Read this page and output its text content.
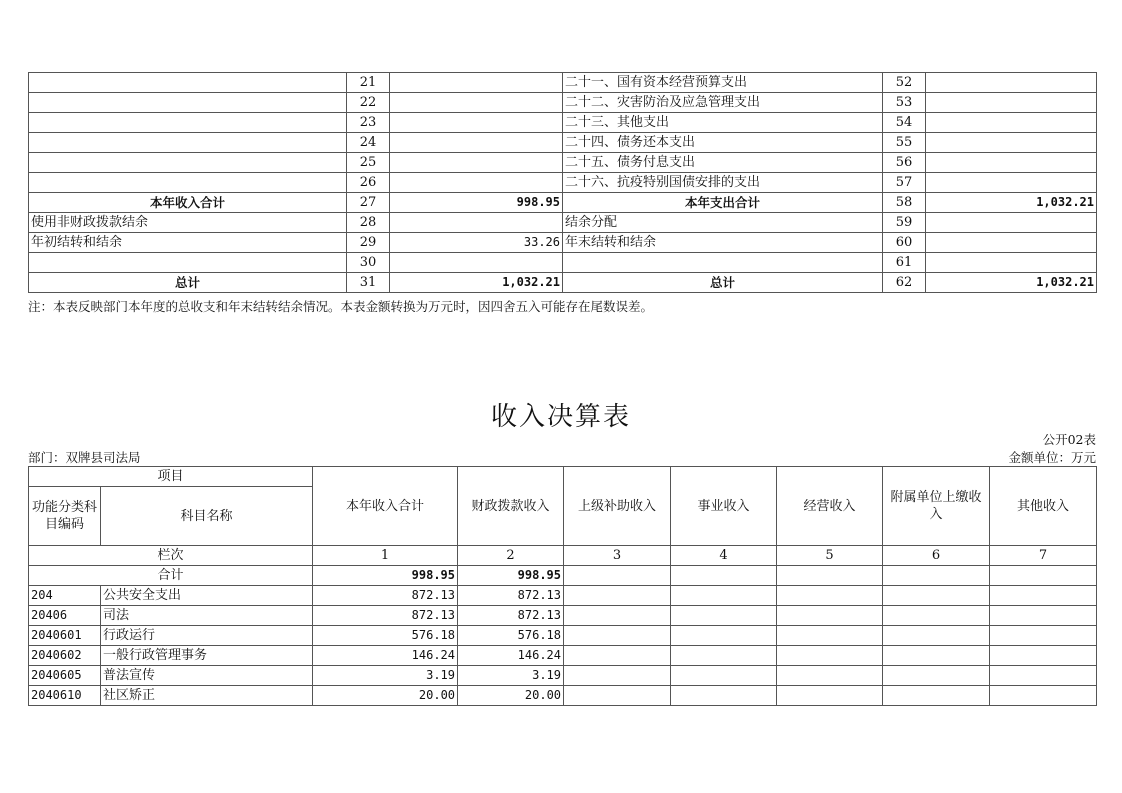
	21		二十一、国有资本经营预算支出	52	
	22		二十二、灾害防治及应急管理支出	53	
	23		二十三、其他支出	54	
	24		二十四、债务还本支出	55	
	25		二十五、债务付息支出	56	
	26		二十六、抗疫特别国债安排的支出	57	
本年收入合计	27	998.95	本年支出合计	58	1,032.21
使用非财政拨款结余	28		结余分配	59	
年初结转和结余	29	33.26	年末结转和结余	60	
	30			61	
总计	31	1,032.21	总计	62	1,032.21
注：本表反映部门本年度的总收支和年末结转结余情况。本表金额转换为万元时，因四舍五入可能存在尾数误差。
收入决算表
公开02表
部门：双牌县司法局	金额单位：万元
项目		本年收入合计	财政拨款收入	上级补助收入	事业收入	经营收入	附属单位上缴收入	其他收入
功能分类科目编码	科目名称							
栏次		1	2	3	4	5	6	7
合计		998.95	998.95					
204	公共安全支出	872.13	872.13					
20406	司法	872.13	872.13					
2040601	行政运行	576.18	576.18					
2040602	一般行政管理事务	146.24	146.24					
2040605	普法宣传	3.19	3.19					
2040610	社区矫正	20.00	20.00					
